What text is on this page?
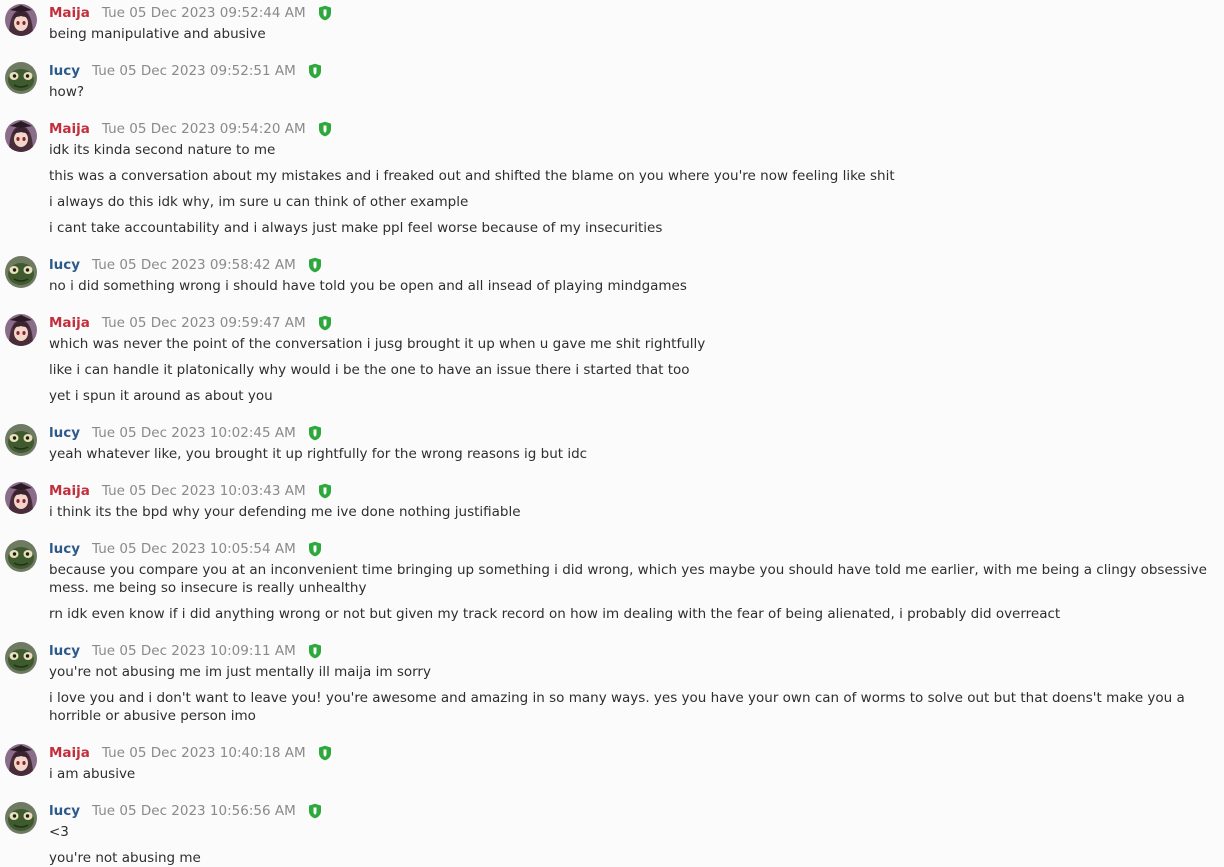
Maija Tue 05 Dec 2023 09:52:44 AM
being manipulative and abusive
lucy Tue 05 Dec 2023 09:52:51 AM
how?
Maija Tue 05 Dec 2023 09:54:20 AM
idk its kinda second nature to me
this was a conversation about my mistakes and i freaked out and shifted the blame on you where you're now feeling like shit
i always do this idk why, im sure u can think of other example
i cant take accountability and i always just make ppl feel worse because of my insecurities
lucy Tue 05 Dec 2023 09:58:42 AM
no i did something wrong i should have told you be open and all insead of playing mindgames
Maija Tue 05 Dec 2023 09:59:47 AM
which was never the point of the conversation i jusg brought it up when u gave me shit rightfully
like i can handle it platonically why would i be the one to have an issue there i started that too
yet i spun it around as about you
lucy Tue 05 Dec 2023 10:02:45 AM
yeah whatever like, you brought it up rightfully for the wrong reasons ig but idc
Maija Tue 05 Dec 2023 10:03:43 AM
i think its the bpd why your defending me ive done nothing justifiable
lucy Tue 05 Dec 2023 10:05:54 AM
because you compare you at an inconvenient time bringing up something i did wrong, which yes maybe you should have told me earlier, with me being a clingy obsessive mess. me being so insecure is really unhealthy
rn idk even know if i did anything wrong or not but given my track record on how im dealing with the fear of being alienated, i probably did overreact
lucy Tue 05 Dec 2023 10:09:11 AM
you're not abusing me im just mentally ill maija im sorry
i love you and i don't want to leave you! you're awesome and amazing in so many ways. yes you have your own can of worms to solve out but that doens't make you a horrible or abusive person imo
Maija Tue 05 Dec 2023 10:40:18 AM
i am abusive
lucy Tue 05 Dec 2023 10:56:56 AM
<3
you're not abusing me
